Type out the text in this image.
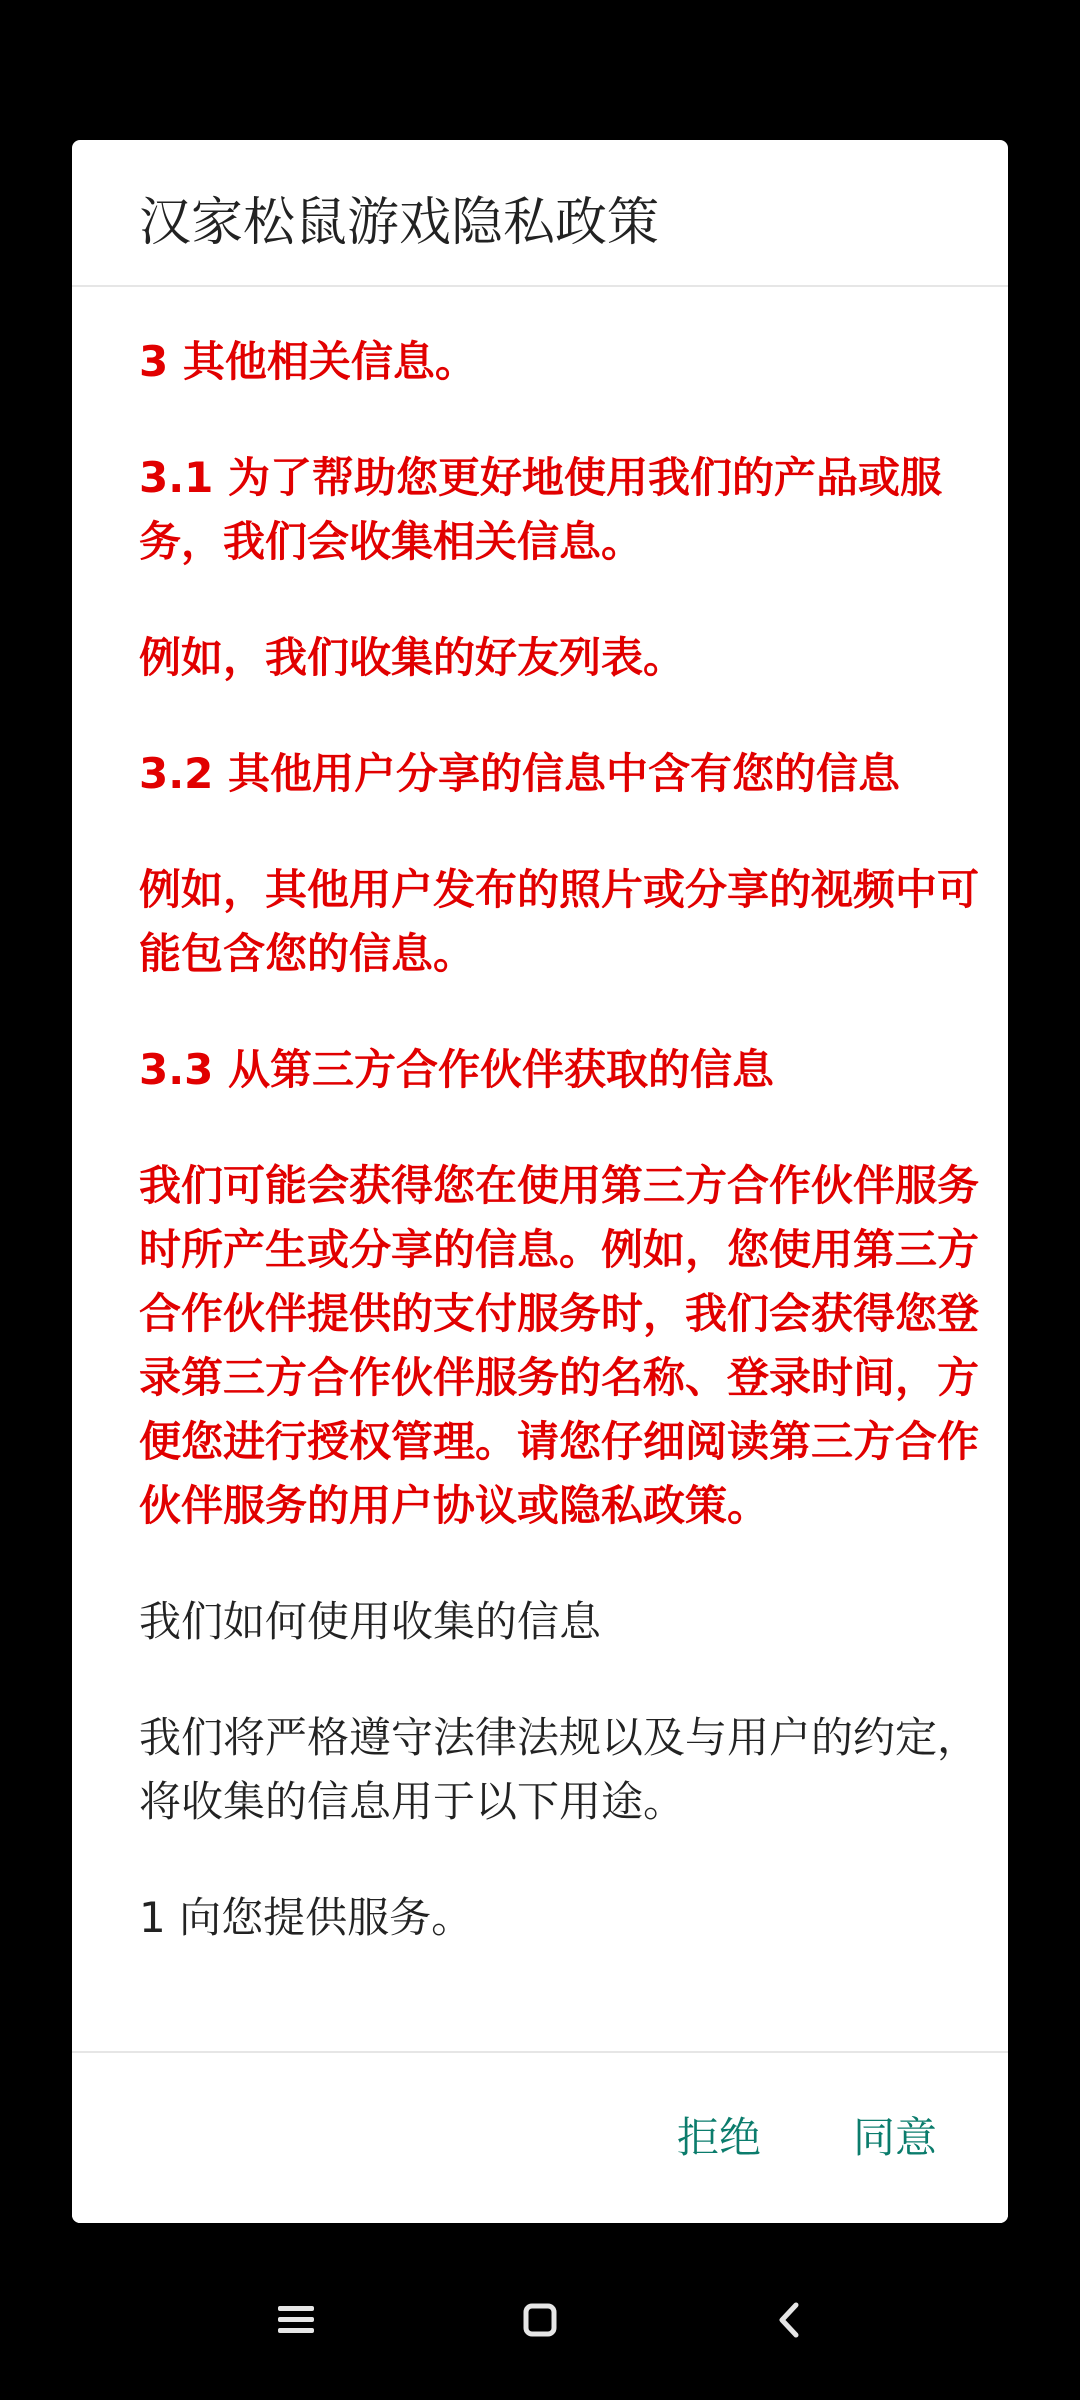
汉家松鼠游戏隐私政策

3 其他相关信息。

3.1 为了帮助您更好地使用我们的产品或服务，我们会收集相关信息。

例如，我们收集的好友列表。

3.2 其他用户分享的信息中含有您的信息

例如，其他用户发布的照片或分享的视频中可能包含您的信息。

3.3 从第三方合作伙伴获取的信息

我们可能会获得您在使用第三方合作伙伴服务时所产生或分享的信息。例如，您使用第三方合作伙伴提供的支付服务时，我们会获得您登录第三方合作伙伴服务的名称、登录时间，方便您进行授权管理。请您仔细阅读第三方合作伙伴服务的用户协议或隐私政策。

我们如何使用收集的信息

我们将严格遵守法律法规以及与用户的约定，将收集的信息用于以下用途。

1 向您提供服务。

拒绝	同意
